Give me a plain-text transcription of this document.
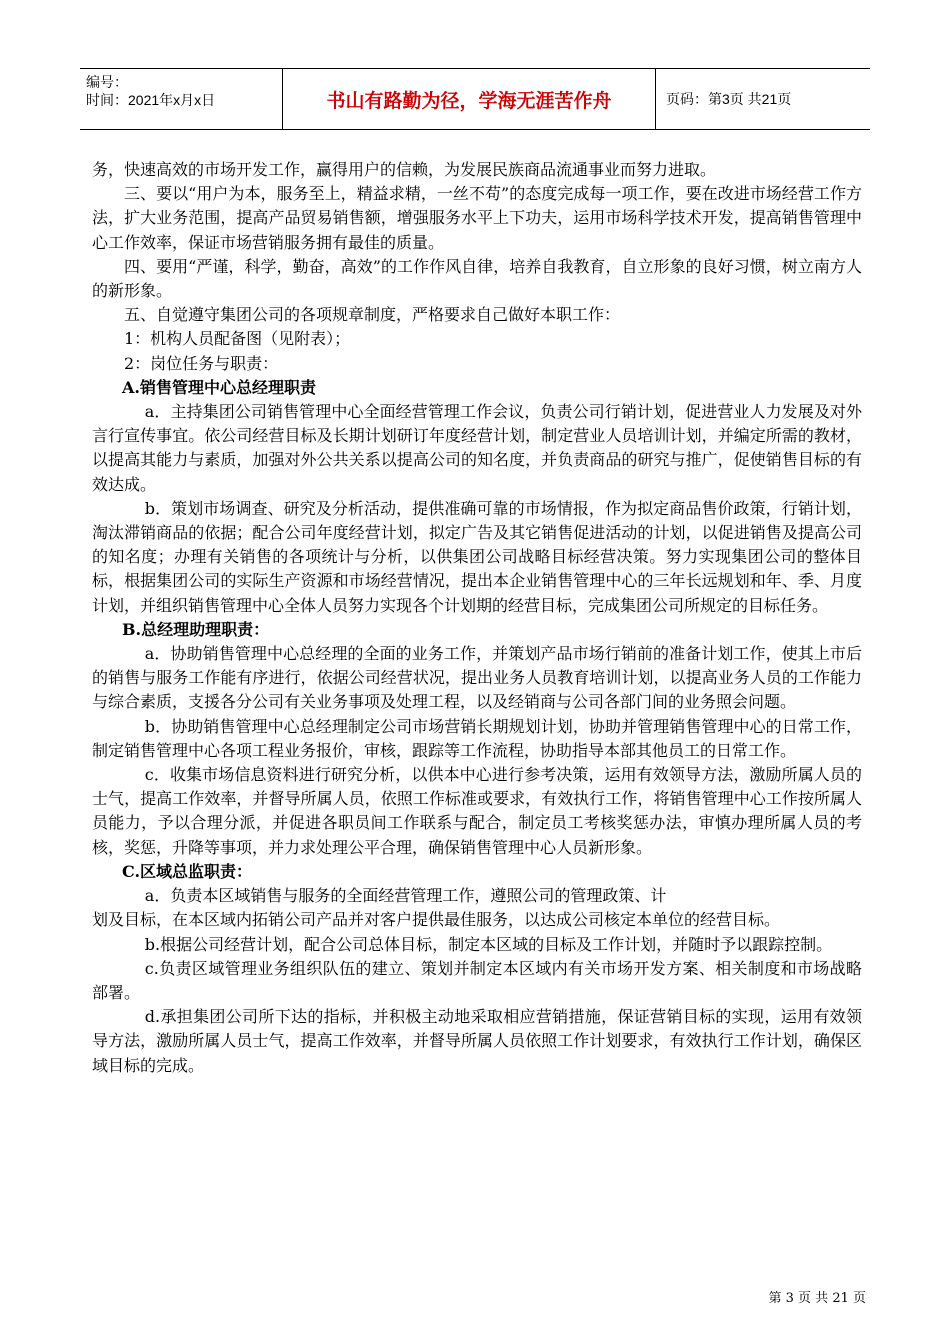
编号：
时间：2021年x月x日	书山有路勤为径，学海无涯苦作舟	页码：第3页 共21页

务，快速高效的市场开发工作，赢得用户的信赖，为发展民族商品流通事业而努力进取。

三、要以“用户为本，服务至上，精益求精，一丝不苟”的态度完成每一项工作，要在改进市场经营工作方法，扩大业务范围，提高产品贸易销售额，增强服务水平上下功夫，运用市场科学技术开发，提高销售管理中心工作效率，保证市场营销服务拥有最佳的质量。

四、要用“严谨，科学，勤奋，高效”的工作作风自律，培养自我教育，自立形象的良好习惯，树立南方人的新形象。

五、自觉遵守集团公司的各项规章制度，严格要求自己做好本职工作：

1：机构人员配备图（见附表）；

2：岗位任务与职责：

A.销售管理中心总经理职责

a．主持集团公司销售管理中心全面经营管理工作会议，负责公司行销计划，促进营业人力发展及对外言行宣传事宜。依公司经营目标及长期计划研订年度经营计划，制定营业人员培训计划，并编定所需的教材，以提高其能力与素质，加强对外公共关系以提高公司的知名度，并负责商品的研究与推广，促使销售目标的有效达成。

b．策划市场调查、研究及分析活动，提供准确可靠的市场情报，作为拟定商品售价政策，行销计划，淘汰滞销商品的依据；配合公司年度经营计划，拟定广告及其它销售促进活动的计划，以促进销售及提高公司的知名度；办理有关销售的各项统计与分析，以供集团公司战略目标经营决策。努力实现集团公司的整体目标，根据集团公司的实际生产资源和市场经营情况，提出本企业销售管理中心的三年长远规划和年、季、月度计划，并组织销售管理中心全体人员努力实现各个计划期的经营目标，完成集团公司所规定的目标任务。

B.总经理助理职责：

a．协助销售管理中心总经理的全面的业务工作，并策划产品市场行销前的准备计划工作，使其上市后的销售与服务工作能有序进行，依据公司经营状况，提出业务人员教育培训计划，以提高业务人员的工作能力与综合素质，支援各分公司有关业务事项及处理工程，以及经销商与公司各部门间的业务照会问题。

b．协助销售管理中心总经理制定公司市场营销长期规划计划，协助并管理销售管理中心的日常工作，制定销售管理中心各项工程业务报价，审核，跟踪等工作流程，协助指导本部其他员工的日常工作。

c．收集市场信息资料进行研究分析，以供本中心进行参考决策，运用有效领导方法，激励所属人员的士气，提高工作效率，并督导所属人员，依照工作标准或要求，有效执行工作，将销售管理中心工作按所属人员能力，予以合理分派，并促进各职员间工作联系与配合，制定员工考核奖惩办法，审慎办理所属人员的考核，奖惩，升降等事项，并力求处理公平合理，确保销售管理中心人员新形象。

C.区域总监职责：

a．负责本区域销售与服务的全面经营管理工作，遵照公司的管理政策、计

划及目标，在本区域内拓销公司产品并对客户提供最佳服务，以达成公司核定本单位的经营目标。

b.根据公司经营计划，配合公司总体目标，制定本区域的目标及工作计划，并随时予以跟踪控制。

c.负责区域管理业务组织队伍的建立、策划并制定本区域内有关市场开发方案、相关制度和市场战略部署。

d.承担集团公司所下达的指标，并积极主动地采取相应营销措施，保证营销目标的实现，运用有效领导方法，激励所属人员士气，提高工作效率，并督导所属人员依照工作计划要求，有效执行工作计划，确保区域目标的完成。

第 3 页 共 21 页
